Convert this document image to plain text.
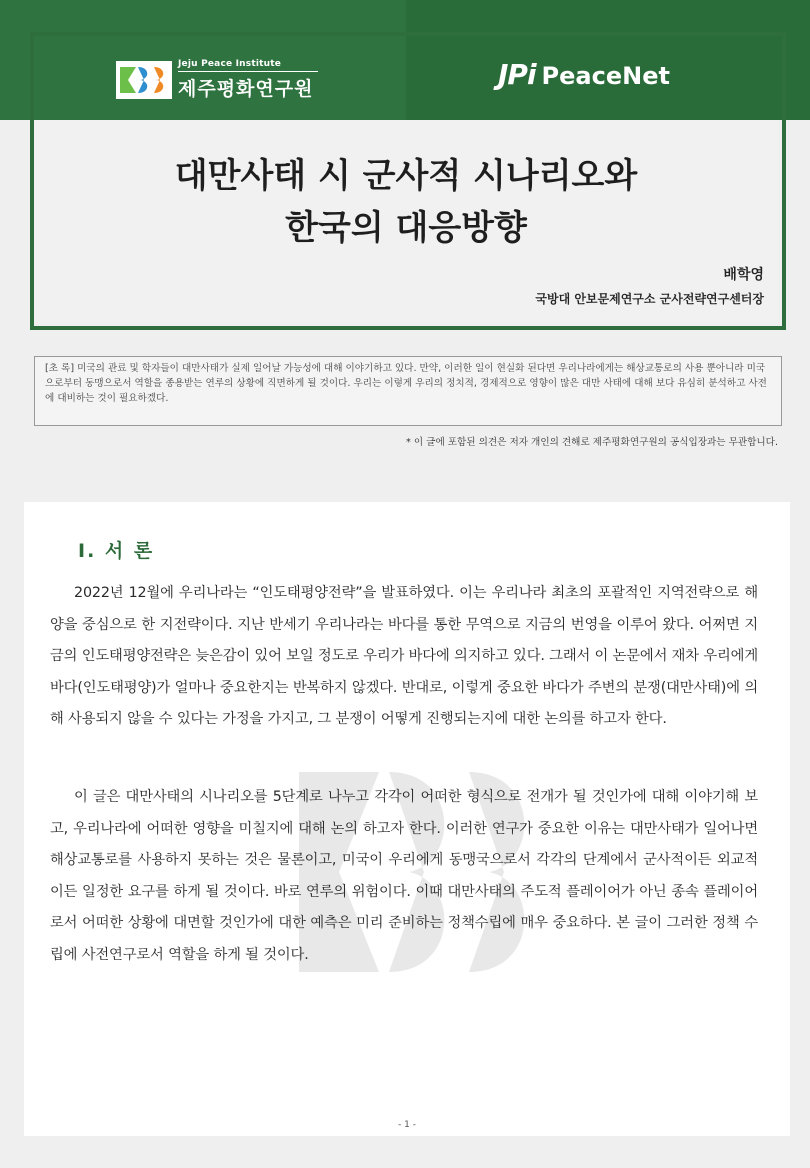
Jeju Peace Institute
제주평화연구원	JPi PeaceNet
대만사태 시 군사적 시나리오와
한국의 대응방향
배학영
국방대 안보문제연구소 군사전략연구센터장
[초 록] 미국의 관료 및 학자들이 대만사태가 실제 일어날 가능성에 대해 이야기하고 있다. 만약, 이러한 일이 현실화 된다면 우리나라에게는 해상교통로의 사용 뿐아니라 미국으로부터 동맹으로서 역할을 종용받는 연루의 상황에 직면하게 될 것이다. 우리는 이렇게 우리의 정치적, 경제적으로 영향이 많은 대만 사태에 대해 보다 유심히 분석하고 사전에 대비하는 것이 필요하겠다.
* 이 글에 포함된 의견은 저자 개인의 견해로 제주평화연구원의 공식입장과는 무관합니다.
Ⅰ. 서 론

2022년 12월에 우리나라는 “인도태평양전략”을 발표하였다. 이는 우리나라 최초의 포괄적인 지역전략으로 해양을 중심으로 한 지전략이다. 지난 반세기 우리나라는 바다를 통한 무역으로 지금의 번영을 이루어 왔다. 어쩌면 지금의 인도태평양전략은 늦은감이 있어 보일 정도로 우리가 바다에 의지하고 있다. 그래서 이 논문에서 재차 우리에게 바다(인도태평양)가 얼마나 중요한지는 반복하지 않겠다. 반대로, 이렇게 중요한 바다가 주변의 분쟁(대만사태)에 의해 사용되지 않을 수 있다는 가정을 가지고, 그 분쟁이 어떻게 진행되는지에 대한 논의를 하고자 한다.

이 글은 대만사태의 시나리오를 5단계로 나누고 각각이 어떠한 형식으로 전개가 될 것인가에 대해 이야기해 보고, 우리나라에 어떠한 영향을 미칠지에 대해 논의 하고자 한다. 이러한 연구가 중요한 이유는 대만사태가 일어나면 해상교통로를 사용하지 못하는 것은 물론이고, 미국이 우리에게 동맹국으로서 각각의 단계에서 군사적이든 외교적이든 일정한 요구를 하게 될 것이다. 바로 연루의 위험이다. 이때 대만사태의 주도적 플레이어가 아닌 종속 플레이어로서 어떠한 상황에 대면할 것인가에 대한 예측은 미리 준비하는 정책수립에 매우 중요하다. 본 글이 그러한 정책 수립에 사전연구로서 역할을 하게 될 것이다.

- 1 -
